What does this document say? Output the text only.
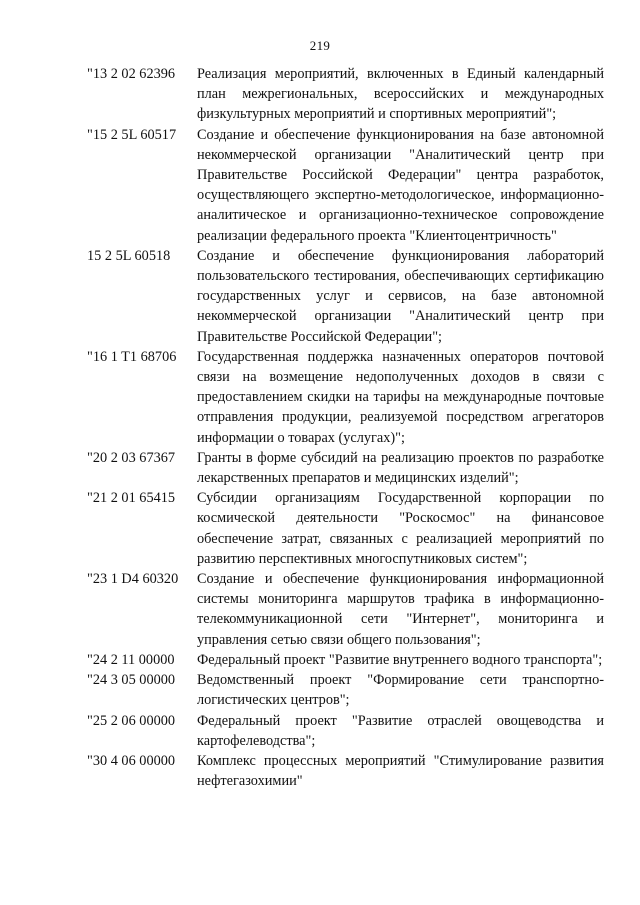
219
"13 2 02 62396	Реализация мероприятий, включенных в Единый календарный план межрегиональных, всероссийских и международных физкультурных мероприятий и спортивных мероприятий";
"15 2 5L 60517	Создание и обеспечение функционирования на базе автономной некоммерческой организации "Аналитический центр при Правительстве Российской Федерации" центра разработок, осуществляющего экспертно-методологическое, информационно-аналитическое и организационно-техническое сопровождение реализации федерального проекта "Клиентоцентричность"
15 2 5L 60518	Создание и обеспечение функционирования лабораторий пользовательского тестирования, обеспечивающих сертификацию государственных услуг и сервисов, на базе автономной некоммерческой организации "Аналитический центр при Правительстве Российской Федерации";
"16 1 T1 68706	Государственная поддержка назначенных операторов почтовой связи на возмещение недополученных доходов в связи с предоставлением скидки на тарифы на международные почтовые отправления продукции, реализуемой посредством агрегаторов информации о товарах (услугах)";
"20 2 03 67367	Гранты в форме субсидий на реализацию проектов по разработке лекарственных препаратов и медицинских изделий";
"21 2 01 65415	Субсидии организациям Государственной корпорации по космической деятельности "Роскосмос" на финансовое обеспечение затрат, связанных с реализацией мероприятий по развитию перспективных многоспутниковых систем";
"23 1 D4 60320	Создание и обеспечение функционирования информационной системы мониторинга маршрутов трафика в информационно-телекоммуникационной сети "Интернет", мониторинга и управления сетью связи общего пользования";
"24 2 11 00000	Федеральный проект "Развитие внутреннего водного транспорта";
"24 3 05 00000	Ведомственный проект "Формирование сети транспортно-логистических центров";
"25 2 06 00000	Федеральный проект "Развитие отраслей овощеводства и картофелеводства";
"30 4 06 00000	Комплекс процессных мероприятий "Стимулирование развития нефтегазохимии"
